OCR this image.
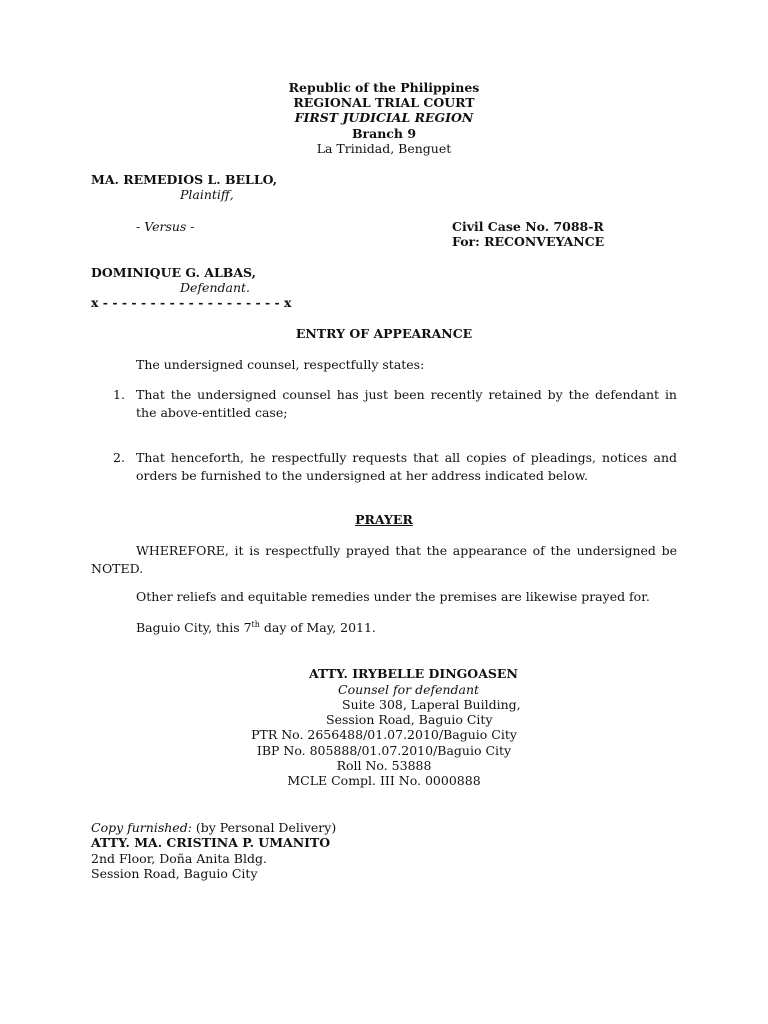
Republic of the Philippines
REGIONAL TRIAL COURT
FIRST JUDICIAL REGION
Branch 9
La Trinidad, Benguet
MA. REMEDIOS L. BELLO,
Plaintiff,
- Versus -	Civil Case No. 7088-R
For: RECONVEYANCE
DOMINIQUE G. ALBAS,
Defendant.
x - - - - - - - - - - - - - - - - - - - x
ENTRY OF APPEARANCE
The undersigned counsel, respectfully states:
1. That the undersigned counsel has just been recently retained by the defendant in the above-entitled case;
2. That henceforth, he respectfully requests that all copies of pleadings, notices and orders be furnished to the undersigned at her address indicated below.
PRAYER
WHEREFORE, it is respectfully prayed that the appearance of the undersigned be NOTED.
Other reliefs and equitable remedies under the premises are likewise prayed for.
Baguio City, this 7th day of May, 2011.
ATTY. IRYBELLE DINGOASEN
Counsel for defendant
Suite 308, Laperal Building,
Session Road, Baguio City
PTR No. 2656488/01.07.2010/Baguio City
IBP No. 805888/01.07.2010/Baguio City
Roll No. 53888
MCLE Compl. III No. 0000888
Copy furnished: (by Personal Delivery)
ATTY. MA. CRISTINA P. UMANITO
2nd Floor, Doña Anita Bldg.
Session Road, Baguio City
